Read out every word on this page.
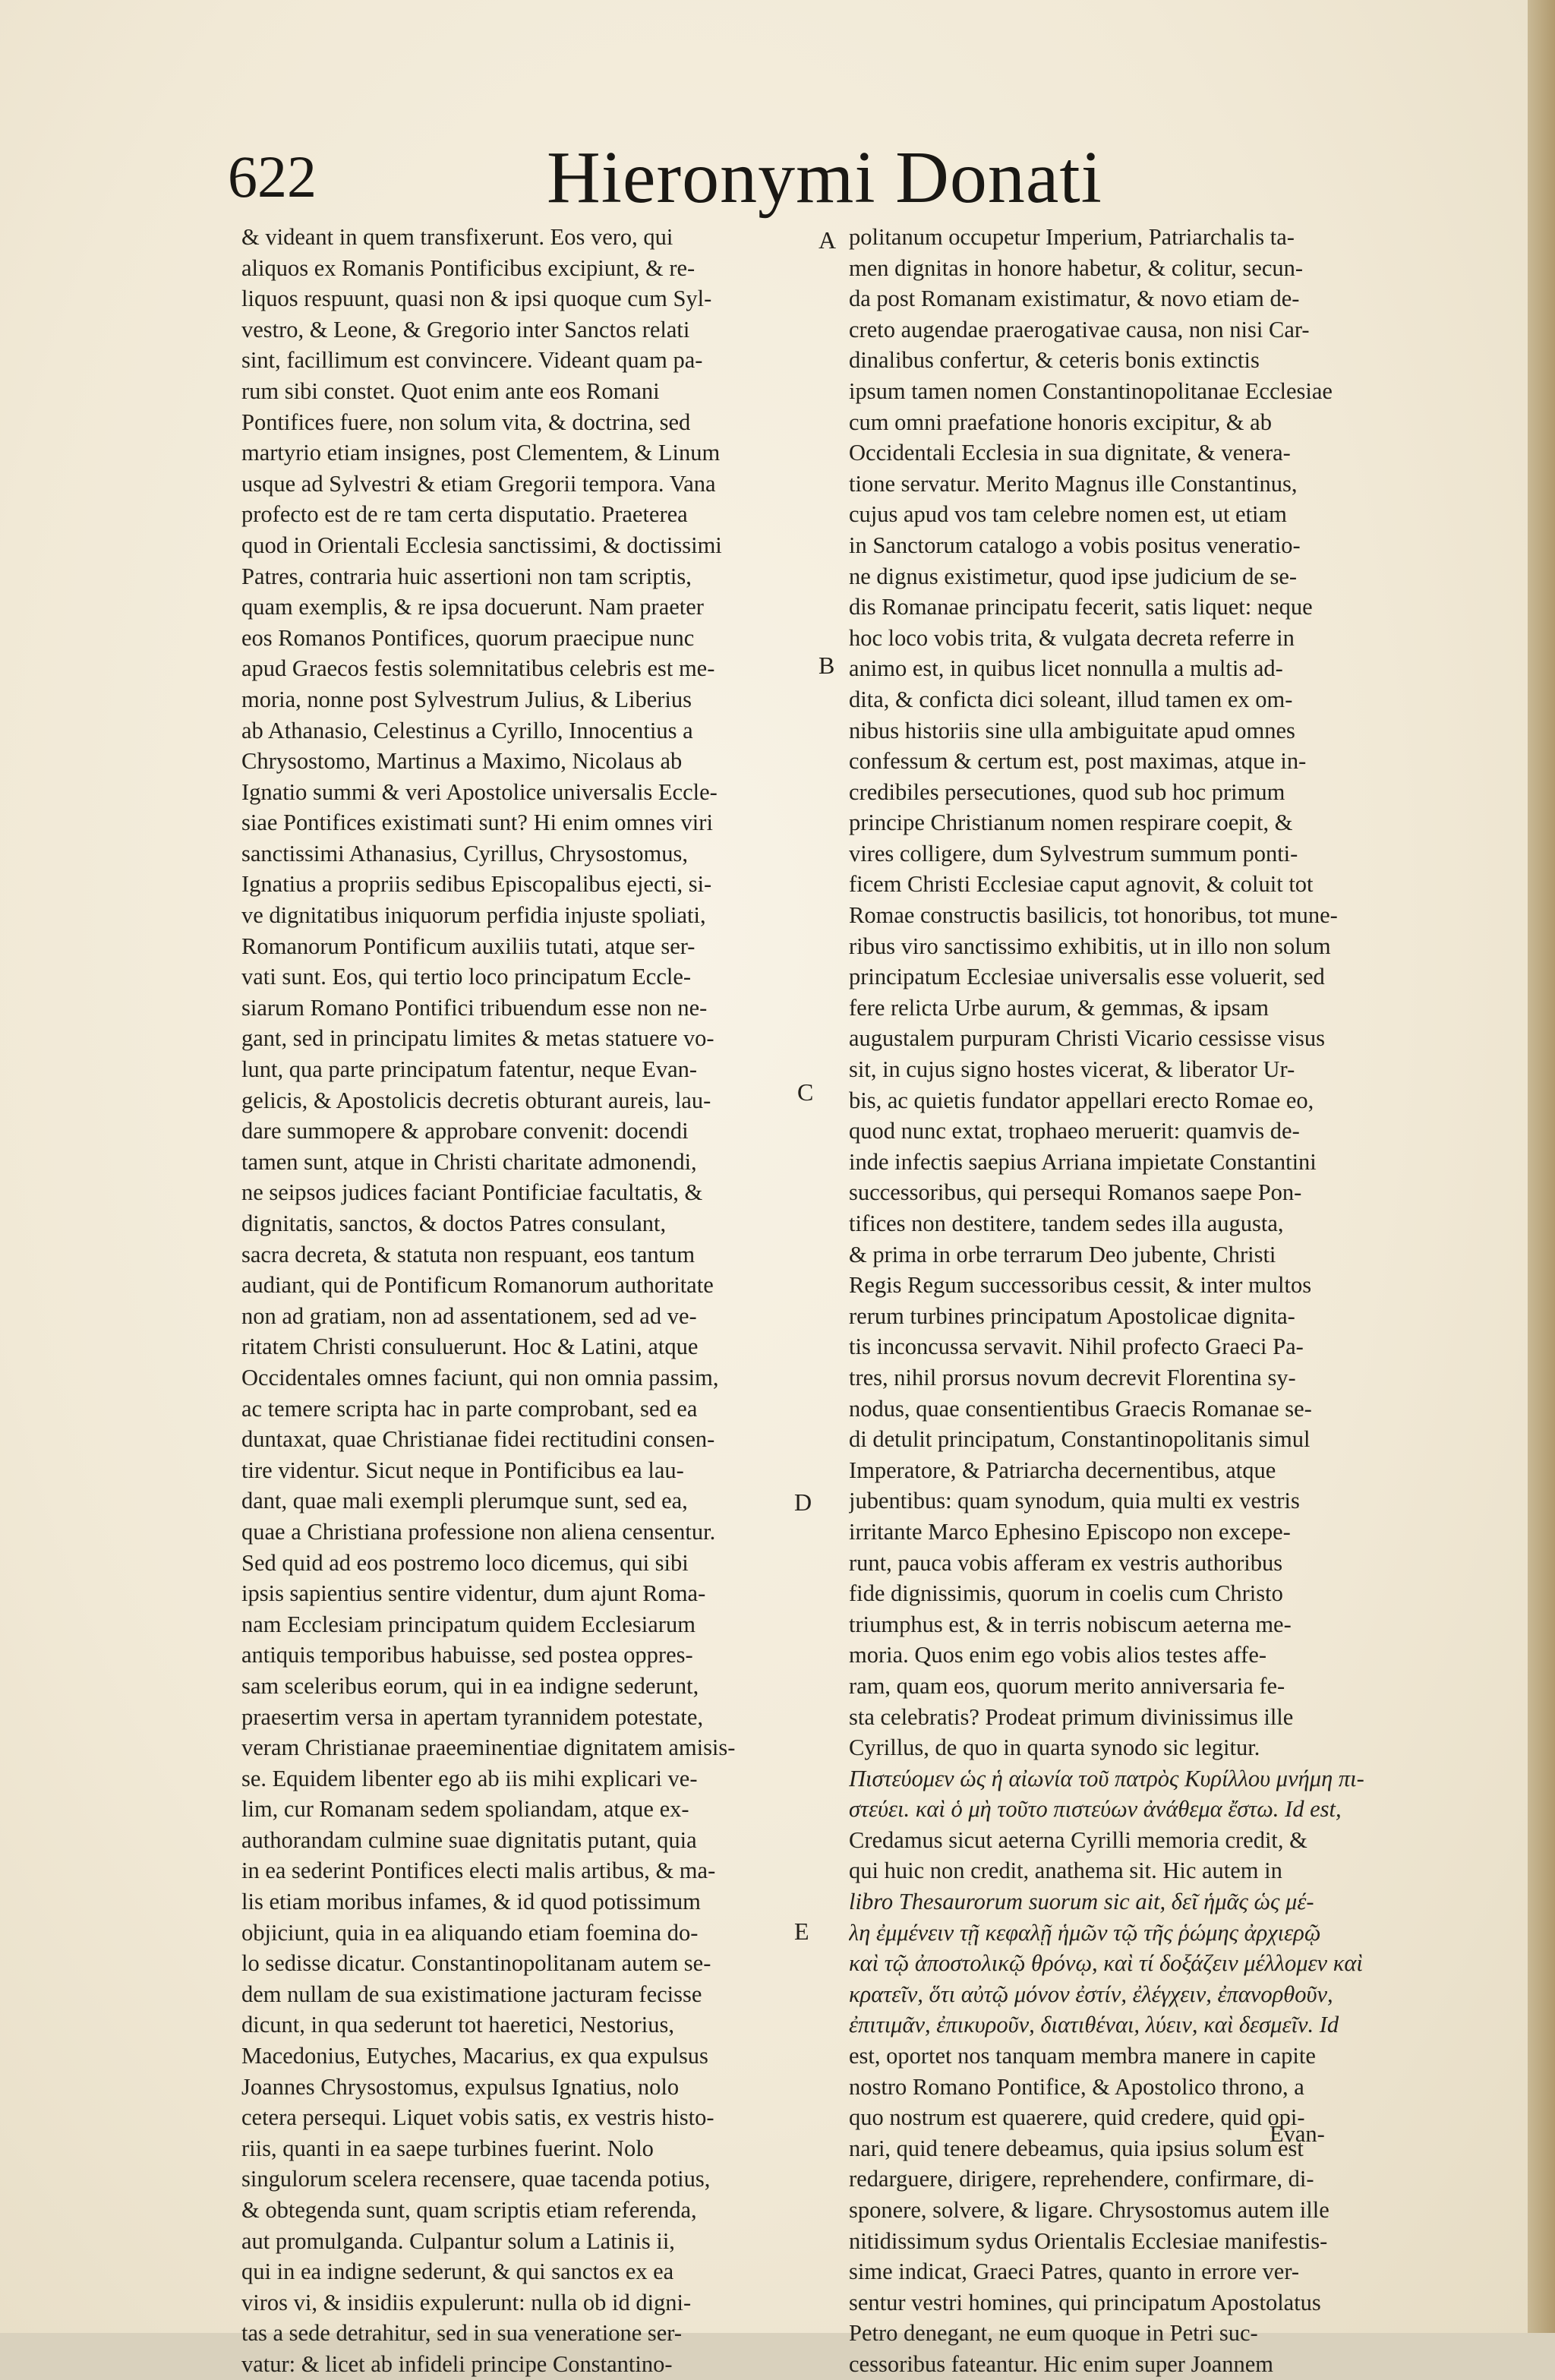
622	Hieronymi Donati
& videant in quem transfixerunt. Eos vero, qui
aliquos ex Romanis Pontificibus excipiunt, & re-
liquos respuunt, quasi non & ipsi quoque cum Syl-
vestro, & Leone, & Gregorio inter Sanctos relati
sint, facillimum est convincere. Videant quam pa-
rum sibi constet. Quot enim ante eos Romani
Pontifices fuere, non solum vita, & doctrina, sed
martyrio etiam insignes, post Clementem, & Linum
usque ad Sylvestri & etiam Gregorii tempora. Vana
profecto est de re tam certa disputatio. Praeterea
quod in Orientali Ecclesia sanctissimi, & doctissimi
Patres, contraria huic assertioni non tam scriptis,
quam exemplis, & re ipsa docuerunt. Nam praeter
eos Romanos Pontifices, quorum praecipue nunc
apud Graecos festis solemnitatibus celebris est me-
moria, nonne post Sylvestrum Julius, & Liberius
ab Athanasio, Celestinus a Cyrillo, Innocentius a
Chrysostomo, Martinus a Maximo, Nicolaus ab
Ignatio summi & veri Apostolice universalis Eccle-
siae Pontifices existimati sunt? Hi enim omnes viri
sanctissimi Athanasius, Cyrillus, Chrysostomus,
Ignatius a propriis sedibus Episcopalibus ejecti, si-
ve dignitatibus iniquorum perfidia injuste spoliati,
Romanorum Pontificum auxiliis tutati, atque ser-
vati sunt. Eos, qui tertio loco principatum Eccle-
siarum Romano Pontifici tribuendum esse non ne-
gant, sed in principatu limites & metas statuere vo-
lunt, qua parte principatum fatentur, neque Evan-
gelicis, & Apostolicis decretis obturant aureis, lau-
dare summopere & approbare convenit: docendi
tamen sunt, atque in Christi charitate admonendi,
ne seipsos judices faciant Pontificiae facultatis, &
dignitatis, sanctos, & doctos Patres consulant,
sacra decreta, & statuta non respuant, eos tantum
audiant, qui de Pontificum Romanorum authoritate
non ad gratiam, non ad assentationem, sed ad ve-
ritatem Christi consuluerunt. Hoc & Latini, atque
Occidentales omnes faciunt, qui non omnia passim,
ac temere scripta hac in parte comprobant, sed ea
duntaxat, quae Christianae fidei rectitudini consen-
tire videntur. Sicut neque in Pontificibus ea lau-
dant, quae mali exempli plerumque sunt, sed ea,
quae a Christiana professione non aliena censentur.
Sed quid ad eos postremo loco dicemus, qui sibi
ipsis sapientius sentire videntur, dum ajunt Roma-
nam Ecclesiam principatum quidem Ecclesiarum
antiquis temporibus habuisse, sed postea oppres-
sam sceleribus eorum, qui in ea indigne sederunt,
praesertim versa in apertam tyrannidem potestate,
veram Christianae praeeminentiae dignitatem amisis-
se. Equidem libenter ego ab iis mihi explicari ve-
lim, cur Romanam sedem spoliandam, atque ex-
authorandam culmine suae dignitatis putant, quia
in ea sederint Pontifices electi malis artibus, & ma-
lis etiam moribus infames, & id quod potissimum
objiciunt, quia in ea aliquando etiam foemina do-
lo sedisse dicatur. Constantinopolitanam autem se-
dem nullam de sua existimatione jacturam fecisse
dicunt, in qua sederunt tot haeretici, Nestorius,
Macedonius, Eutyches, Macarius, ex qua expulsus
Joannes Chrysostomus, expulsus Ignatius, nolo
cetera persequi. Liquet vobis satis, ex vestris histo-
riis, quanti in ea saepe turbines fuerint. Nolo
singulorum scelera recensere, quae tacenda potius,
& obtegenda sunt, quam scriptis etiam referenda,
aut promulganda. Culpantur solum a Latinis ii,
qui in ea indigne sederunt, & qui sanctos ex ea
viros vi, & insidiis expulerunt: nulla ob id digni-
tas a sede detrahitur, sed in sua veneratione ser-
vatur: & licet ab infideli principe Constantino-
A
B
C
D
E
politanum occupetur Imperium, Patriarchalis ta-
men dignitas in honore habetur, & colitur, secun-
da post Romanam existimatur, & novo etiam de-
creto augendae praerogativae causa, non nisi Car-
dinalibus confertur, & ceteris bonis extinctis
ipsum tamen nomen Constantinopolitanae Ecclesiae
cum omni praefatione honoris excipitur, & ab
Occidentali Ecclesia in sua dignitate, & venera-
tione servatur. Merito Magnus ille Constantinus,
cujus apud vos tam celebre nomen est, ut etiam
in Sanctorum catalogo a vobis positus veneratio-
ne dignus existimetur, quod ipse judicium de se-
dis Romanae principatu fecerit, satis liquet: neque
hoc loco vobis trita, & vulgata decreta referre in
animo est, in quibus licet nonnulla a multis ad-
dita, & conficta dici soleant, illud tamen ex om-
nibus historiis sine ulla ambiguitate apud omnes
confessum & certum est, post maximas, atque in-
credibiles persecutiones, quod sub hoc primum
principe Christianum nomen respirare coepit, &
vires colligere, dum Sylvestrum summum ponti-
ficem Christi Ecclesiae caput agnovit, & coluit tot
Romae constructis basilicis, tot honoribus, tot mune-
ribus viro sanctissimo exhibitis, ut in illo non solum
principatum Ecclesiae universalis esse voluerit, sed
fere relicta Urbe aurum, & gemmas, & ipsam
augustalem purpuram Christi Vicario cessisse visus
sit, in cujus signo hostes vicerat, & liberator Ur-
bis, ac quietis fundator appellari erecto Romae eo,
quod nunc extat, trophaeo meruerit: quamvis de-
inde infectis saepius Arriana impietate Constantini
successoribus, qui persequi Romanos saepe Pon-
tifices non destitere, tandem sedes illa augusta,
& prima in orbe terrarum Deo jubente, Christi
Regis Regum successoribus cessit, & inter multos
rerum turbines principatum Apostolicae dignita-
tis inconcussa servavit. Nihil profecto Graeci Pa-
tres, nihil prorsus novum decrevit Florentina sy-
nodus, quae consentientibus Graecis Romanae se-
di detulit principatum, Constantinopolitanis simul
Imperatore, & Patriarcha decernentibus, atque
jubentibus: quam synodum, quia multi ex vestris
irritante Marco Ephesino Episcopo non excepe-
runt, pauca vobis afferam ex vestris authoribus
fide dignissimis, quorum in coelis cum Christo
triumphus est, & in terris nobiscum aeterna me-
moria. Quos enim ego vobis alios testes affe-
ram, quam eos, quorum merito anniversaria fe-
sta celebratis? Prodeat primum divinissimus ille
Cyrillus, de quo in quarta synodo sic legitur.
Πιστεύομεν ὡς ἡ αἰωνία τοῦ πατρὸς Κυρίλλου μνήμη πι-
στεύει. καὶ ὁ μὴ τοῦτο πιστεύων ἀνάθεμα ἔστω. Id est,
Credamus sicut aeterna Cyrilli memoria credit, &
qui huic non credit, anathema sit. Hic autem in
libro Thesaurorum suorum sic ait, δεῖ ἡμᾶς ὡς μέ-
λη ἐμμένειν τῇ κεφαλῇ ἡμῶν τῷ τῆς ῥώμης ἀρχιερῷ
καὶ τῷ ἀποστολικῷ θρόνῳ, καὶ τί δοξάζειν μέλλομεν καὶ
κρατεῖν, ὅτι αὐτῷ μόνον ἐστίν, ἐλέγχειν, ἐπανορθοῦν,
ἐπιτιμᾶν, ἐπικυροῦν, διατιθέναι, λύειν, καὶ δεσμεῖν. Id
est, oportet nos tanquam membra manere in capite
nostro Romano Pontifice, & Apostolico throno, a
quo nostrum est quaerere, quid credere, quid opi-
nari, quid tenere debeamus, quia ipsius solum est
redarguere, dirigere, reprehendere, confirmare, di-
sponere, solvere, & ligare. Chrysostomus autem ille
nitidissimum sydus Orientalis Ecclesiae manifestis-
sime indicat, Graeci Patres, quanto in errore ver-
sentur vestri homines, qui principatum Apostolatus
Petro denegant, ne eum quoque in Petri suc-
cessoribus fateantur. Hic enim super Joannem
Evan-
